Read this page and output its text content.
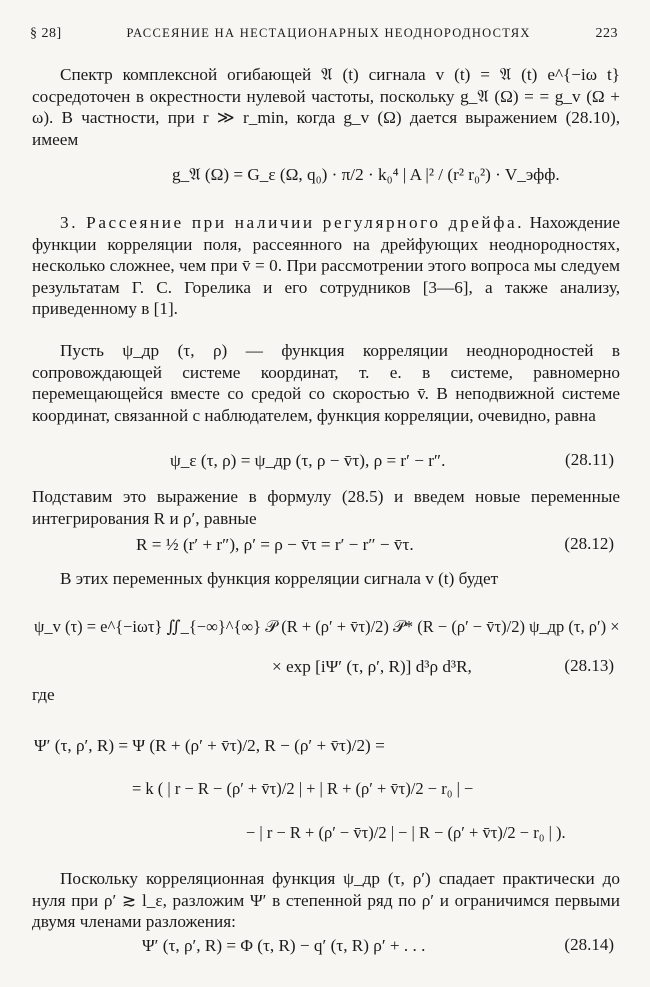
§ 28]	РАССЕЯНИЕ НА НЕСТАЦИОНАРНЫХ НЕОДНОРОДНОСТЯХ	223
Спектр комплексной огибающей 𝔄 (t) сигнала v (t) = 𝔄 (t) e^{−iω t} сосредоточен в окрестности нулевой частоты, поскольку g_𝔄 (Ω) = = g_v (Ω + ω). В частности, при r ≫ r_min, когда g_v (Ω) дается выражением (28.10), имеем
g_𝔄 (Ω) = G_ε (Ω, q₀) · π/2 · k₀⁴ | A |² / (r² r₀²) · V_эфф.
3. Рассеяние при наличии регулярного дрейфа. Нахождение функции корреляции поля, рассеянного на дрейфующих неоднородностях, несколько сложнее, чем при v̄ = 0. При рассмотрении этого вопроса мы следуем результатам Г. С. Горелика и его сотрудников [3—6], а также анализу, приведенному в [1].
Пусть ψ_др (τ, ρ) — функция корреляции неоднородностей в сопровождающей системе координат, т. е. в системе, равномерно перемещающейся вместе со средой со скоростью v̄. В неподвижной системе координат, связанной с наблюдателем, функция корреляции, очевидно, равна
ψ_ε (τ, ρ) = ψ_др (τ, ρ − v̄τ), ρ = r′ − r″.	(28.11)
Подставим это выражение в формулу (28.5) и введем новые переменные интегрирования R и ρ′, равные
R = ½ (r′ + r″), ρ′ = ρ − v̄τ = r′ − r″ − v̄τ.	(28.12)
В этих переменных функция корреляции сигнала v (t) будет
ψ_v (τ) = e^{−iωτ} ∬_{−∞}^{∞} 𝒫 (R + (ρ′ + v̄τ)/2) 𝒫* (R − (ρ′ − v̄τ)/2) ψ_др (τ, ρ′) ×
× exp [iΨ′ (τ, ρ′, R)] d³ρ d³R,	(28.13)
где
Ψ′ (τ, ρ′, R) = Ψ (R + (ρ′ + v̄τ)/2, R − (ρ′ + v̄τ)/2) =
= k ( | r − R − (ρ′ + v̄τ)/2 | + | R + (ρ′ + v̄τ)/2 − r₀ | −
− | r − R + (ρ′ − v̄τ)/2 | − | R − (ρ′ + v̄τ)/2 − r₀ | ).
Поскольку корреляционная функция ψ_др (τ, ρ′) спадает практически до нуля при ρ′ ≳ l_ε, разложим Ψ′ в степенной ряд по ρ′ и ограничимся первыми двумя членами разложения:
Ψ′ (τ, ρ′, R) = Φ (τ, R) − q′ (τ, R) ρ′ + . . .	(28.14)
